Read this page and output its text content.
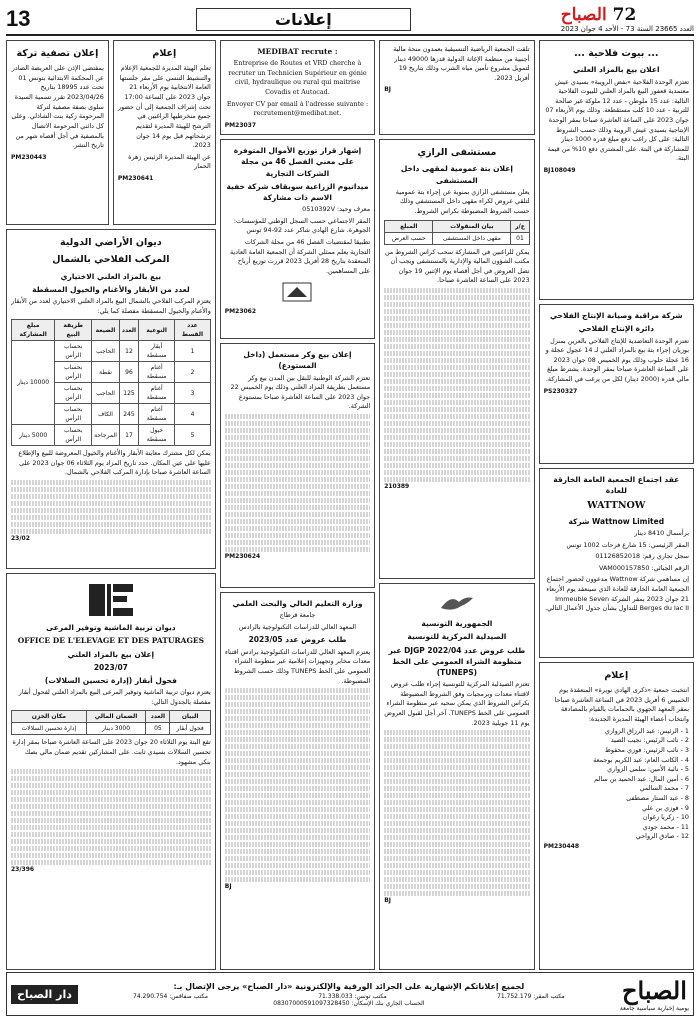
13	إعلانات	72 الصباح
العدد 23665 السنة 73 - الأحد 4 جوان 2023
... بيوت فلاحية ...
اعلان بيع بالمزاد العلني

تعتزم الوحدة الفلاحية «بفض الرويبة» بسيدي عيش معتمدية قعفور البيع بالمزاد العلني للبيوت الفلاحية التالية: عدد 15 ملوطن - عدد 12 ملوكة غير صالحة للتربية - عدد 10 كلب مستقطعة. وذلك يوم الأربعاء 07 جوان 2023 على الساعة العاشرة صباحا بمقر الوحدة الإنتاجية بسيدي عيش الرويبة وذلك حسب الشروط التالية: على كل راغب دفع مبلغ قدره 1000 دينار للمشاركة في البتة. على المشتري دفع 10% من قيمة البتة.

BJ108049
شركة مراقبة وصيانة الإنتاج الفلاحي
دائرة الإنتاج الفلاحي

تعتزم الوحدة التعاضدية للإنتاج الفلاحي بالعرين بمنزل بوزيان إجراء بتة بيع بالمزاد العلني لـ 14 عجول عجلة و 16 عجلة حلوب وذلك يوم الخميس 08 جوان 2023 على الساعة العاشرة صباحا بمقر الوحدة. يشترط مبلغ مالي قدره (2000 دينار) لكل من يرغب في المشاركة.

PS230327
عقد اجتماع الجمعية العامة الخارقة للعادة
WATTNOW
Wattnow Limited شركة

برأسمال 8410 دينار

المقر الرئيسي: 15 شارع فرحات 1002 تونس

سجل تجاري رقم: 01126852018

الرقم الجبائي: VAM000157850

إن مساهمي شركة Wattnow مدعوون لحضور اجتماع الجمعية العامة الخارقة للعادة الذي سينعقد يوم الأربعاء 21 جوان 2023 بمقر الشركة Immeuble Seven Berges du lac II للتداول بشأن جدول الأعمال التالي.

إعلام

انتخبت جمعية «ذكرى الهادي نويرة» المنعقدة يوم الخميس 6 أفريل 2023 في الساعة العاشرة صباحا بمقر المعهد الجهوي بالحمامات بالقيام بالمصادقة وانتخاب أعضاء الهيئة المديرة الجديدة:

1 - الرئيس: عبد الرزاق الزواري

2 - نائب الرئيس: نجيب الصيد

3 - نائب الرئيس: فوزي محفوظ

4 - الكاتب العام: عبد الكريم بوجمعة

5 - نائبة الأمين: سلمى الزواري

6 - أمين المال: عبد الحميد بن سالم

7 - محمد السالمي

8 - عبد الستار مصطفى

9 - فوزي بن علي

10 - زكريا زغوان

11 - محمد جودي

12 - صادق الرواحي

PM230448

تلقت الجمعية الرياضية التنسيقية بعمدون منحة مالية أجنبية من منظمة الإغاثة الدولية قدرها 49000 دينار لتمويل مشروع تأمين مياه الشرب وذلك بتاريخ 19 أفريل 2023.

BJ
مستشفى الرازي
إعلان بتة عمومية لمقهى داخل المستشفى

يعلن مستشفى الرازي بمنوبة عن إجراء بتة عمومية لتلقي عروض لكراء مقهى داخل المستشفى وذلك حسب الشروط المضبوطة بكراس الشروط.

ع/ر	بيان المنقولات	المبلغ
01	مقهى داخل المستشفى	حسب العرض

يمكن للراغبين في المشاركة سحب كراس الشروط من مكتب الشؤون المالية والإدارية بالمستشفى ويجب أن تصل العروض في أجل أقصاه يوم الإثنين 19 جوان 2023 على الساعة العاشرة صباحا.

210389
الجمهورية التونسية
الصيدلية المركزية للتونسية
طلب عروض عدد DJGP 2022/04 عبر منظومة الشراء العمومي على الخط (TUNEPS)

تعتزم الصيدلية المركزية للتونسية إجراء طلب عروض لاقتناء معدات وبرمجيات وفق الشروط المضبوطة بكراس الشروط الذي يمكن سحبه عبر منظومة الشراء العمومي على الخط TUNEPS. آخر أجل لقبول العروض يوم 11 جويلية 2023.

BJ
MEDIBAT recrute :

Entreprise de Routes et VRD cherche à recruter un Technicien Supérieur en génie civil, hydraulique ou rural qui maitrise Covadis et Autocad.

Envoyer CV par email à l'adresse suivante : recrutement@medibat.net.

PM23037
إشهار قرار توزيع الأموال المتوفرة على معني الفصل 46 من مجلة الشركات التجارية
ميداتيوم الزراعية سوبقاف شركة خفية الاسم ذات مشاركة

معرف وحيد: 0510392V

المقر الاجتماعي حسب السجل الوطني للمؤسسات: الجوهرة، شارع الهادي شاكر عدد 92-94 تونس

تطبيقا لمقتضيات الفصل 46 من مجلة الشركات التجارية يعلم ممثلي الشركة أن الجمعية العامة العادية المنعقدة بتاريخ 28 أفريل 2023 قررت توزيع أرباح على المساهمين.

PM23062
إعلان بيع وكر مستعمل (داخل المستودع)

تعتزم الشركة الوطنية للنقل بين المدن بيع وكر مستعمل بطريقة المزاد العلني وذلك يوم الخميس 22 جوان 2023 على الساعة العاشرة صباحا بمستودع الشركة.

PM230624
وزارة التعليم العالي والبحث العلمي

جامعة قرطاج

المعهد العالي للدراسات التكنولوجية بالرادس

طلب عروض عدد 2023/05

يعتزم المعهد العالي للدراسات التكنولوجية برادس اقتناء معدات مخابر وتجهيزات إعلامية عبر منظومة الشراء العمومي على الخط TUNEPS وذلك حسب الشروط المضبوطة.

BJ
إعلام

تعلم الهيئة المديرة للجمعية الإعلام والتنشيط التنسي على مقر جلستها العامة الانتخابية يوم الأربعاء 21 جوان 2023 على الساعة 17:00 تحت إشراف الجمعية إلى أن حضور جميع منخرطيها الراغبين في الترشح للهيئة المديرة لتقديم ترشحاتهم قبل يوم 14 جوان 2023.

عن الهيئة المديرة الرئيس زهرة الحمار

PM230641
إعلان تصفية تركة

بمقتضى الإذن على العريضة الصادر عن المحكمة الابتدائية بتونس 01 تحت عدد 18995 بتاريخ 2023/04/26 تقرر تسمية السيدة سلوى بصفة مصفية لتركة المرحومة زكية بنت الشاذلي. وعلى كل دائني المرحومة الاتصال بالمصفية في أجل أقصاه شهر من تاريخ النشر.

PM230443
ديوان الأراضي الدولية
المركب الفلاحي بالشمال
بيع بالمزاد العلني الاختياري
لعدد من الأبقار والأغنام والخيول المسقطة

يعتزم المركب الفلاحي بالشمال البيع بالمزاد العلني الاختياري لعدد من الأبقار والأغنام والخيول المسقطة مفصلة كما يلي:

عدد القسط	النوعية	العدد	الضيعة	طريقة البيع	مبلغ المشاركة
1	أبقار مسقطة	12	الحاجب	بحساب الرأس	10000 دينار
2	أغنام مسقطة	96	نقطة	بحساب الرأس	
3	أغنام مسقطة	125	الحاجب	بحساب الرأس	
4	أغنام مسقطة	245	الكاف	بحساب الرأس	
5	خيول مسقطة	17	المرجاحة	بحساب الرأس	5000 دينار

يمكن لكل مشترك معاينة الأبقار والأغنام والخيول المعروضة للبيع والإطلاع عليها على عين المكان. حدد تاريخ المزاد يوم الثلاثاء 06 جوان 2023 على الساعة العاشرة صباحا بإدارة المركب الفلاحي بالشمال.

23/02
ديوان تربية الماشية وتوفير المرعى
OFFICE DE L'ELEVAGE ET DES PATURAGES
إعلان بيع بالمزاد العلني
2023/07
فحول أبقار (إدارة تحسين السلالات)

يعتزم ديوان تربية الماشية وتوفير المرعى البيع بالمزاد العلني لفحول أبقار مفصلة بالجدول التالي:

البيان	العدد	الضمان المالي	مكان الخزن
فحول أبقار	05	3000 دينار	إدارة تحسين السلالات

تقع البتة يوم الثلاثاء 20 جوان 2023 على الساعة العاشرة صباحا بمقر إدارة تحسين السلالات بسيدي ثابت. على المشاركين تقديم ضمان مالي بصك بنكي مشهود.

23/396
الصباح
يومية إخبارية سياسية جامعة
لجميع إعلاناتكم الإشهارية على الجرائد الورقية والإلكترونية «دار الصباح» يرجى الإتصال بـ:
مكتب المقر: 71.752.179
مكتب تونس: 71.338.033
مكتب صفاقس: 74.290.754
الحساب الجاري بنك الإسكان: 08307000591097328450
دار الصباح
